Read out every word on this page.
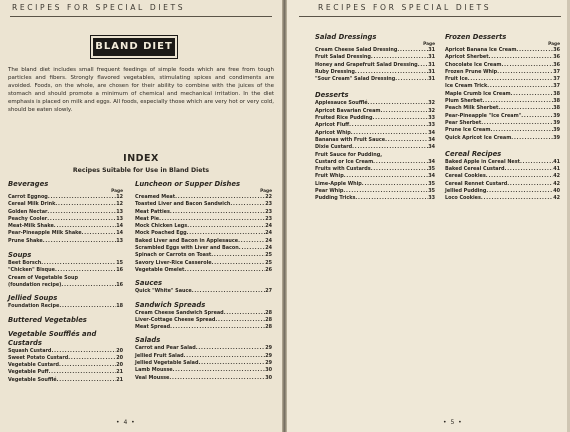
RECIPES FOR SPECIAL DIETS
BLAND DIET
The bland diet includes small frequent feedings of simple foods which are free from tough particles and fibers. Strongly flavored vegetables, stimulating spices and condiments are avoided. Foods, on the whole, are chosen for their ability to combine with the juices of the stomach and should promote a minimum of chemical and mechanical irritation. In the diet emphasis is placed on milk and eggs. All foods, especially those which are very hot or very cold, should be eaten slowly.
INDEX
Recipes Suitable for Use in Bland Diets
Beverages
Page
Carrot Eggnog .....	12
Cereal Milk Drink .....	12
Golden Nectar .....	13
Peachy Cooler .....	13
Meat-Milk Shake .....	14
Pear-Pineapple Milk Shake .....	14
Prune Shake .....	13
Soups
Beet Borsch .....	15
"Chicken" Bisque .....	16
Cream of Vegetable Soup
(foundation recipe) .....	16
Jellied Soups
Foundation Recipe .....	18
Buttered Vegetables
Vegetable Soufflés and Custards
Squash Custard .....	20
Sweet Potato Custard .....	20
Vegetable Custard .....	20
Vegetable Puff .....	21
Vegetable Soufflé .....	21
Luncheon or Supper Dishes
Page
Creamed Meat .....	22
Toasted Liver and Bacon Sandwich .....	23
Meat Patties .....	23
Meat Pie .....	23
Mock Chicken Legs .....	24
Mock Poached Egg .....	24
Baked Liver and Bacon in Applesauce .....	24
Scrambled Eggs with Liver and Bacon .....	24
Spinach or Carrots on Toast .....	25
Savory Liver-Rice Casserole .....	25
Vegetable Omelet .....	26
Sauces
Quick "White" Sauce .....	27
Sandwich Spreads
Cream Cheese Sandwich Spread .....	28
Liver-Cottage Cheese Spread .....	28
Meat Spread .....	28
Salads
Carrot and Pear Salad .....	29
Jellied Fruit Salad .....	29
Jellied Vegetable Salad .....	29
Lamb Mousse .....	30
Veal Mousse .....	30
• 4 •
RECIPES FOR SPECIAL DIETS
Salad Dressings
Page
Cream Cheese Salad Dressing .....	31
Fruit Salad Dressing .....	31
Honey and Grapefruit Salad Dressing ..... 31
Ruby Dressing .....	31
"Sour Cream" Salad Dressing .....	31
Desserts
Applesauce Soufflé .....	32
Apricot Bavarian Cream .....	32
Fruited Rice Pudding .....	33
Apricot Fluff .....	33
Apricot Whip .....	34
Bananas with Fruit Sauce .....	34
Dixie Custard .....	34
Fruit Sauce for Pudding,
Custard or Ice Cream .....	34
Fruits with Custards .....	35
Fruit Whip .....	34
Lime-Apple Whip .....	35
Pear Whip .....	35
Pudding Tricks .....	33
Frozen Desserts
Page
Apricot Banana Ice Cream .....	36
Apricot Sherbet .....	36
Chocolate Ice Cream .....	36
Frozen Prune Whip .....	37
Fruit Ice .....	37
Ice Cream Trick .....	37
Maple Crumb Ice Cream .....	38
Plum Sherbet .....	38
Peach Milk Sherbet .....	38
Pear-Pineapple "Ice Cream" .....	39
Pear Sherbet .....	39
Prune Ice Cream .....	39
Quick Apricot Ice Cream .....	39
Cereal Recipes
Baked Apple in Cereal Nest .....	41
Baked Cereal Custard .....	41
Cereal Cookies .....	42
Cereal Rennet Custard .....	42
Jellied Pudding .....	40
Loco Cookies .....	42
• 5 •
